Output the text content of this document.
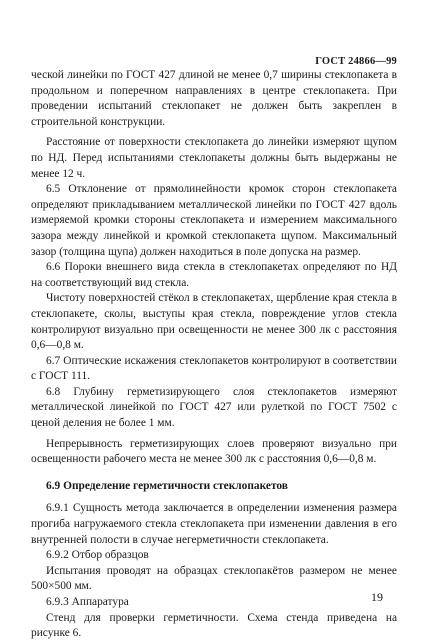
ГОСТ 24866—99

ческой линейки по ГОСТ 427 длиной не менее 0,7 ширины стеклопакета в продольном и поперечном направлениях в центре стеклопакета. При проведении испытаний стеклопакет не должен быть закреплен в строительной конструкции.

Расстояние от поверхности стеклопакета до линейки измеряют щупом по НД. Перед испытаниями стеклопакеты должны быть выдержаны не менее 12 ч.

6.5 Отклонение от прямолинейности кромок сторон стеклопакета определяют прикладыванием металлической линейки по ГОСТ 427 вдоль измеряемой кромки стороны стеклопакета и измерением максимального зазора между линейкой и кромкой стеклопакета щупом. Максимальный зазор (толщина щупа) должен находиться в поле допуска на размер.

6.6 Пороки внешнего вида стекла в стеклопакетах определяют по НД на соответствующий вид стекла.

Чистоту поверхностей стёкол в стеклопакетах, щербление края стекла в стеклопакете, сколы, выступы края стекла, повреждение углов стекла контролируют визуально при освещенности не менее 300 лк с расстояния 0,6—0,8 м.

6.7 Оптические искажения стеклопакетов контролируют в соответствии с ГОСТ 111.

6.8 Глубину герметизирующего слоя стеклопакетов измеряют металлической линейкой по ГОСТ 427 или рулеткой по ГОСТ 7502 с ценой деления не более 1 мм.

Непрерывность герметизирующих слоев проверяют визуально при освещенности рабочего места не менее 300 лк с расстояния 0,6—0,8 м.

6.9 Определение герметичности стеклопакетов

6.9.1 Сущность метода заключается в определении изменения размера прогиба нагружаемого стекла стеклопакета при изменении давления в его внутренней полости в случае негерметичности стеклопакета.

6.9.2 Отбор образцов

Испытания проводят на образцах стеклопакётов размером не менее 500×500 мм.

6.9.3 Аппаратура

Стенд для проверки герметичности. Схема стенда приведена на рисунке 6.

19
